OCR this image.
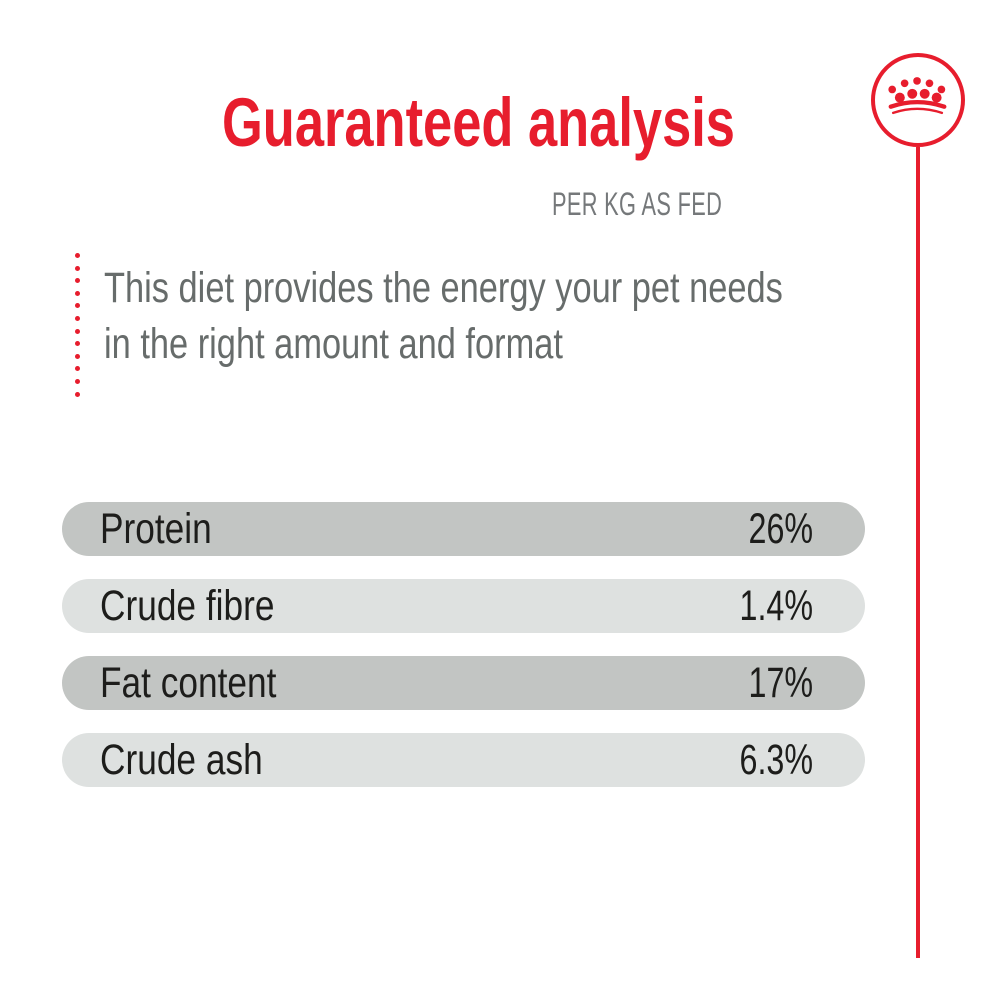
Guaranteed analysis
PER KG AS FED
This diet provides the energy your pet needs
in the right amount and format
Protein	26%
Crude fibre	1.4%
Fat content	17%
Crude ash	6.3%
